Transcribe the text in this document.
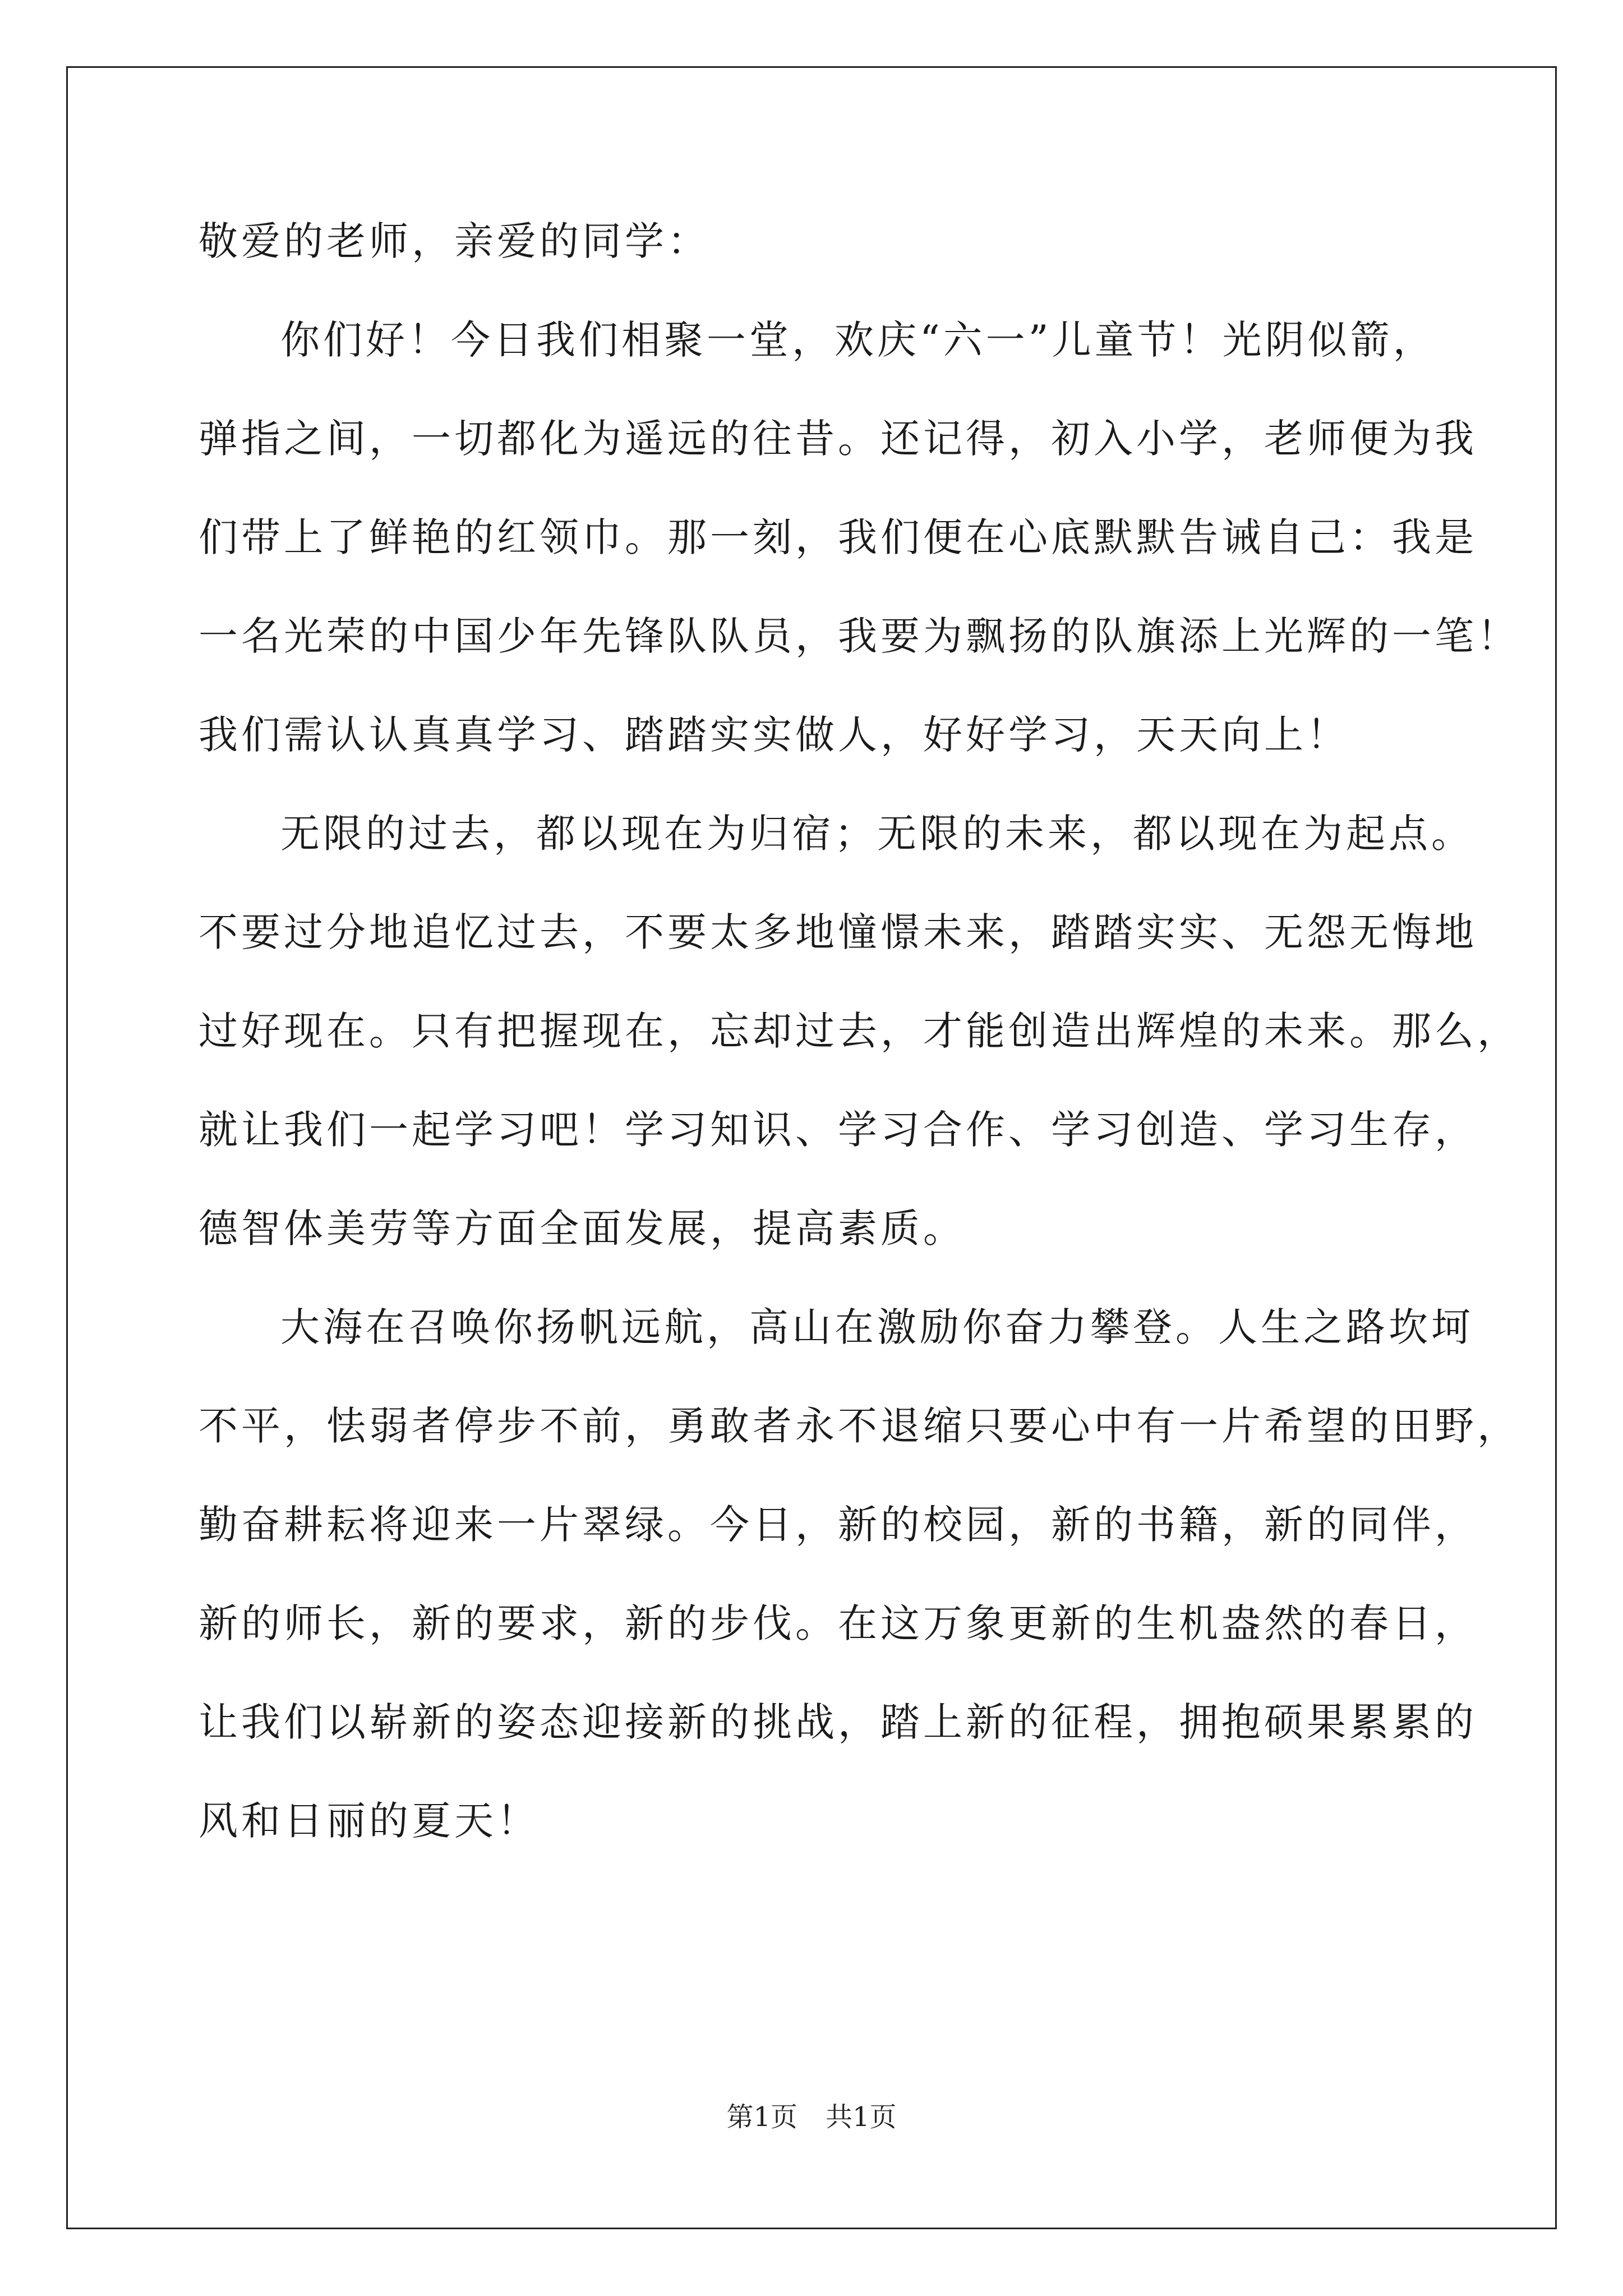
敬爱的老师，亲爱的同学：
你们好！今日我们相聚一堂，欢庆“六一”儿童节！光阴似箭，
弹指之间，一切都化为遥远的往昔。还记得，初入小学，老师便为我
们带上了鲜艳的红领巾。那一刻，我们便在心底默默告诫自己：我是
一名光荣的中国少年先锋队队员，我要为飘扬的队旗添上光辉的一笔！
我们需认认真真学习、踏踏实实做人，好好学习，天天向上！
无限的过去，都以现在为归宿；无限的未来，都以现在为起点。
不要过分地追忆过去，不要太多地憧憬未来，踏踏实实、无怨无悔地
过好现在。只有把握现在，忘却过去，才能创造出辉煌的未来。那么，
就让我们一起学习吧！学习知识、学习合作、学习创造、学习生存，
德智体美劳等方面全面发展，提高素质。
大海在召唤你扬帆远航，高山在激励你奋力攀登。人生之路坎坷
不平，怯弱者停步不前，勇敢者永不退缩只要心中有一片希望的田野，
勤奋耕耘将迎来一片翠绿。今日，新的校园，新的书籍，新的同伴，
新的师长，新的要求，新的步伐。在这万象更新的生机盎然的春日，
让我们以崭新的姿态迎接新的挑战，踏上新的征程，拥抱硕果累累的
风和日丽的夏天！
第1页 共1页
